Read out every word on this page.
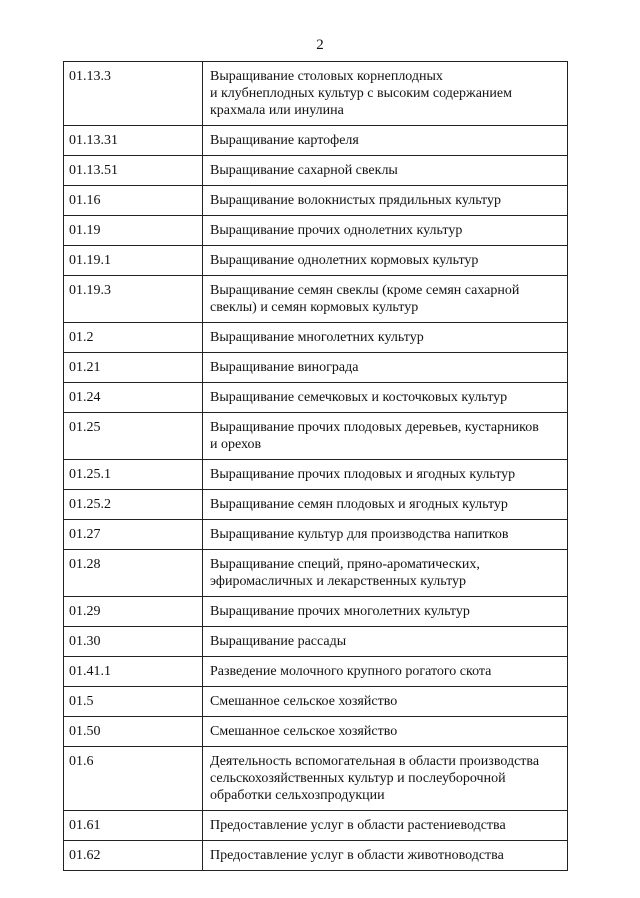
2
01.13.3	Выращивание столовых корнеплодных
и клубнеплодных культур с высоким содержанием
крахмала или инулина

01.13.31	Выращивание картофеля

01.13.51	Выращивание сахарной свеклы

01.16	Выращивание волокнистых прядильных культур

01.19	Выращивание прочих однолетних культур

01.19.1	Выращивание однолетних кормовых культур

01.19.3	Выращивание семян свеклы (кроме семян сахарной
свеклы) и семян кормовых культур

01.2	Выращивание многолетних культур

01.21	Выращивание винограда

01.24	Выращивание семечковых и косточковых культур

01.25	Выращивание прочих плодовых деревьев, кустарников
и орехов

01.25.1	Выращивание прочих плодовых и ягодных культур

01.25.2	Выращивание семян плодовых и ягодных культур

01.27	Выращивание культур для производства напитков

01.28	Выращивание специй, пряно-ароматических,
эфиромасличных и лекарственных культур

01.29	Выращивание прочих многолетних культур

01.30	Выращивание рассады

01.41.1	Разведение молочного крупного рогатого скота

01.5	Смешанное сельское хозяйство

01.50	Смешанное сельское хозяйство

01.6	Деятельность вспомогательная в области производства
сельскохозяйственных культур и послеуборочной
обработки сельхозпродукции

01.61	Предоставление услуг в области растениеводства

01.62	Предоставление услуг в области животноводства
